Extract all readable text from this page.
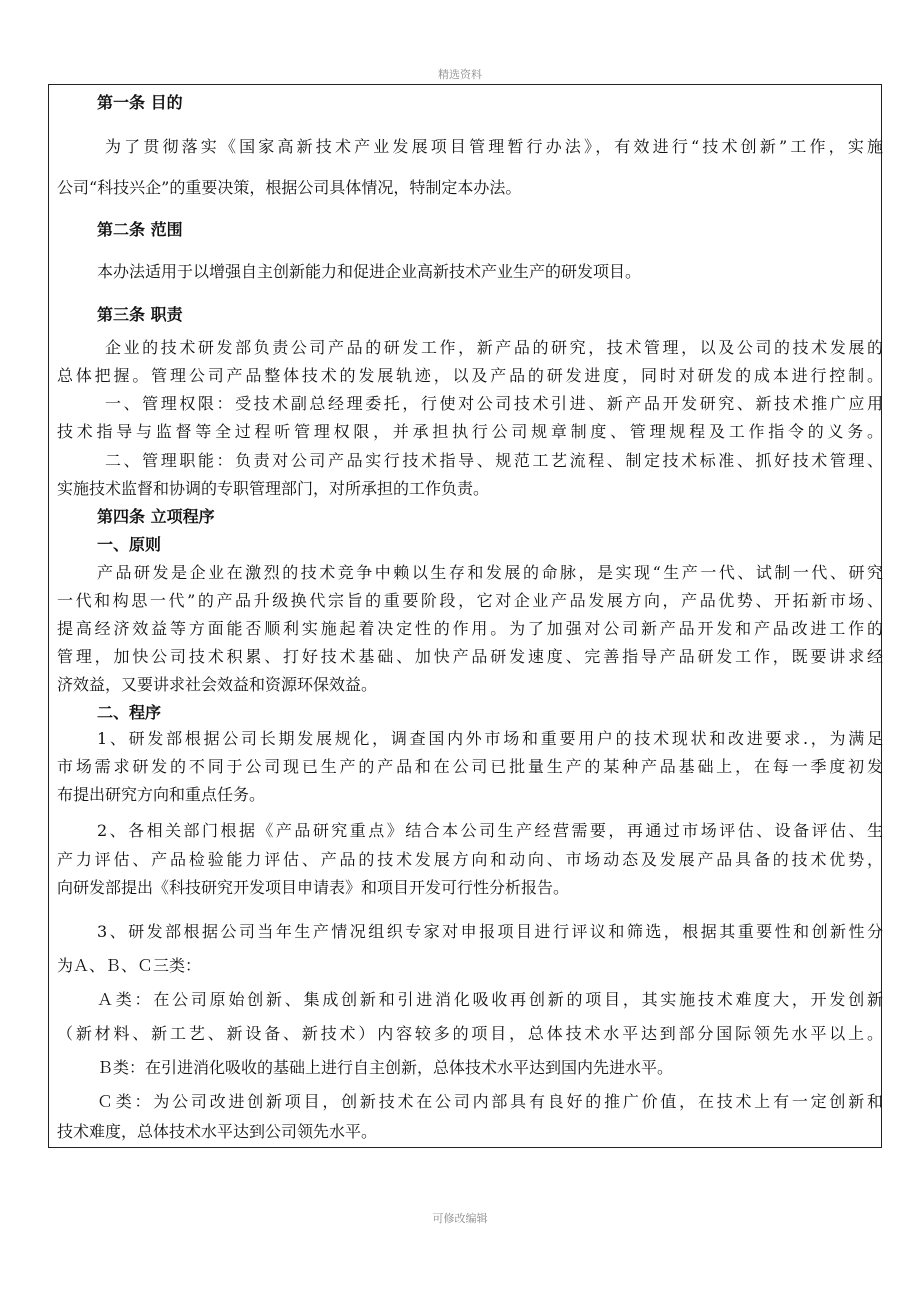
精选资料
第一条 目的
为了贯彻落实《国家高新技术产业发展项目管理暂行办法》，有效进行“技术创新”工作，实施
公司“科技兴企”的重要决策，根据公司具体情况，特制定本办法。
第二条 范围
本办法适用于以增强自主创新能力和促进企业高新技术产业生产的研发项目。
第三条 职责
企业的技术研发部负责公司产品的研发工作，新产品的研究，技术管理，以及公司的技术发展的
总体把握。管理公司产品整体技术的发展轨迹，以及产品的研发进度，同时对研发的成本进行控制。
一、管理权限：受技术副总经理委托，行使对公司技术引进、新产品开发研究、新技术推广应用
技术指导与监督等全过程听管理权限，并承担执行公司规章制度、管理规程及工作指令的义务。
二、管理职能：负责对公司产品实行技术指导、规范工艺流程、制定技术标准、抓好技术管理、
实施技术监督和协调的专职管理部门，对所承担的工作负责。
第四条 立项程序
一、原则
产品研发是企业在激烈的技术竞争中赖以生存和发展的命脉，是实现“生产一代、试制一代、研究
一代和构思一代”的产品升级换代宗旨的重要阶段，它对企业产品发展方向，产品优势、开拓新市场、
提高经济效益等方面能否顺利实施起着决定性的作用。为了加强对公司新产品开发和产品改进工作的
管理，加快公司技术积累、打好技术基础、加快产品研发速度、完善指导产品研发工作，既要讲求经
济效益，又要讲求社会效益和资源环保效益。
二、程序
1、研发部根据公司长期发展规化，调查国内外市场和重要用户的技术现状和改进要求.，为满足
市场需求研发的不同于公司现已生产的产品和在公司已批量生产的某种产品基础上，在每一季度初发
布提出研究方向和重点任务。
2、各相关部门根据《产品研究重点》结合本公司生产经营需要，再通过市场评估、设备评估、生
产力评估、产品检验能力评估、产品的技术发展方向和动向、市场动态及发展产品具备的技术优势，
向研发部提出《科技研究开发项目申请表》和项目开发可行性分析报告。
3、研发部根据公司当年生产情况组织专家对申报项目进行评议和筛选，根据其重要性和创新性分
为Ａ、Ｂ、Ｃ三类：
Ａ类：在公司原始创新、集成创新和引进消化吸收再创新的项目，其实施技术难度大，开发创新
（新材料、新工艺、新设备、新技术）内容较多的项目，总体技术水平达到部分国际领先水平以上。
Ｂ类：在引进消化吸收的基础上进行自主创新，总体技术水平达到国内先进水平。
Ｃ类：为公司改进创新项目，创新技术在公司内部具有良好的推广价值，在技术上有一定创新和
技术难度，总体技术水平达到公司领先水平。
可修改编辑
